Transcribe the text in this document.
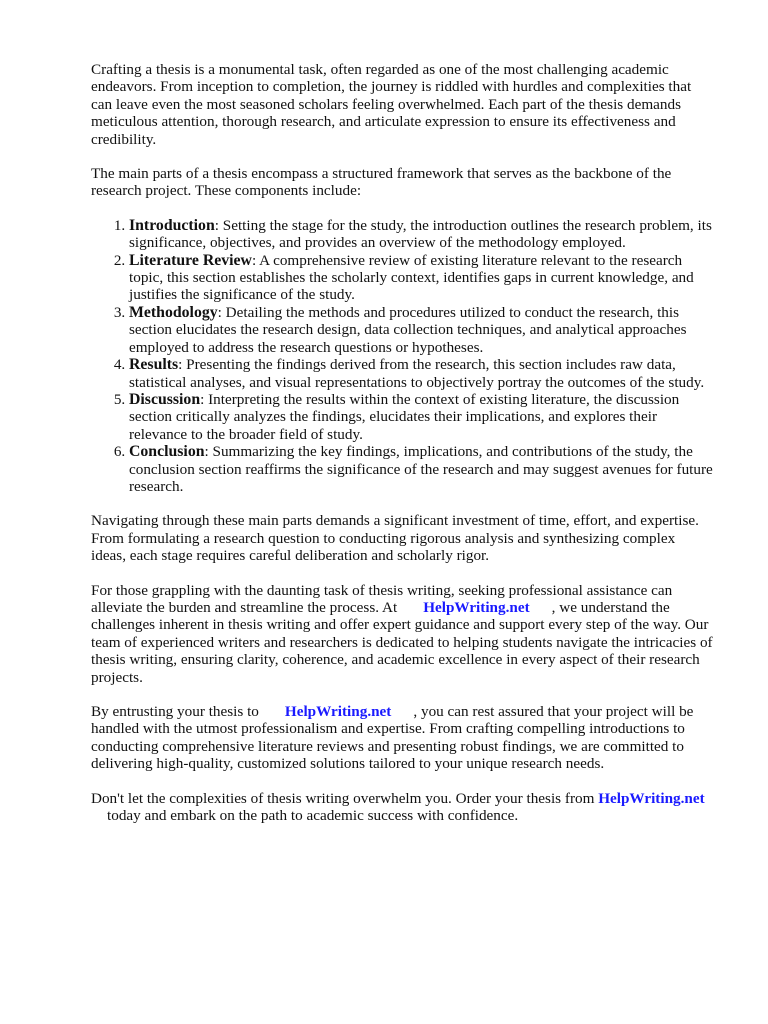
Crafting a thesis is a monumental task, often regarded as one of the most challenging academic endeavors. From inception to completion, the journey is riddled with hurdles and complexities that can leave even the most seasoned scholars feeling overwhelmed. Each part of the thesis demands meticulous attention, thorough research, and articulate expression to ensure its effectiveness and credibility.

The main parts of a thesis encompass a structured framework that serves as the backbone of the research project. These components include:

1. Introduction: Setting the stage for the study, the introduction outlines the research problem, its significance, objectives, and provides an overview of the methodology employed.
2. Literature Review: A comprehensive review of existing literature relevant to the research topic, this section establishes the scholarly context, identifies gaps in current knowledge, and justifies the significance of the study.
3. Methodology: Detailing the methods and procedures utilized to conduct the research, this section elucidates the research design, data collection techniques, and analytical approaches employed to address the research questions or hypotheses.
4. Results: Presenting the findings derived from the research, this section includes raw data, statistical analyses, and visual representations to objectively portray the outcomes of the study.
5. Discussion: Interpreting the results within the context of existing literature, the discussion section critically analyzes the findings, elucidates their implications, and explores their relevance to the broader field of study.
6. Conclusion: Summarizing the key findings, implications, and contributions of the study, the conclusion section reaffirms the significance of the research and may suggest avenues for future research.

Navigating through these main parts demands a significant investment of time, effort, and expertise. From formulating a research question to conducting rigorous analysis and synthesizing complex ideas, each stage requires careful deliberation and scholarly rigor.

For those grappling with the daunting task of thesis writing, seeking professional assistance can alleviate the burden and streamline the process. At HelpWriting.net , we understand the challenges inherent in thesis writing and offer expert guidance and support every step of the way. Our team of experienced writers and researchers is dedicated to helping students navigate the intricacies of thesis writing, ensuring clarity, coherence, and academic excellence in every aspect of their research projects.

By entrusting your thesis to HelpWriting.net , you can rest assured that your project will be handled with the utmost professionalism and expertise. From crafting compelling introductions to conducting comprehensive literature reviews and presenting robust findings, we are committed to delivering high-quality, customized solutions tailored to your unique research needs.

Don't let the complexities of thesis writing overwhelm you. Order your thesis from HelpWriting.nettoday and embark on the path to academic success with confidence.
